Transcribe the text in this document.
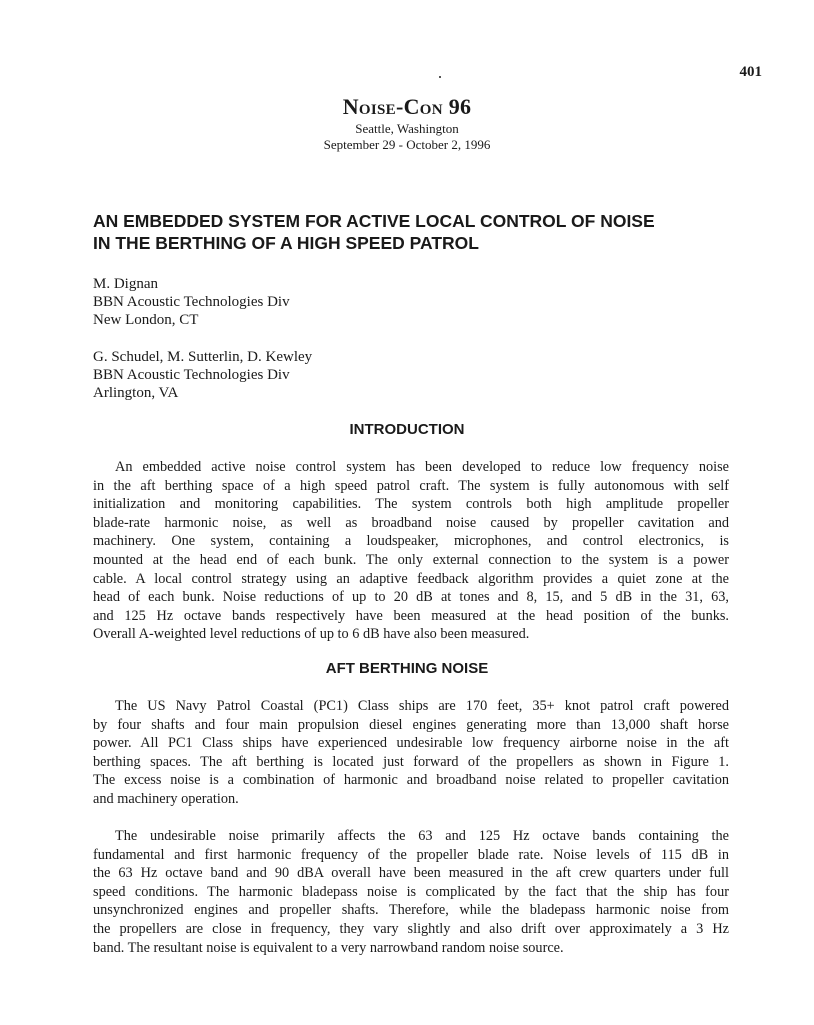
401
Noise-Con 96
Seattle, Washington
September 29 - October 2, 1996
AN EMBEDDED SYSTEM FOR ACTIVE LOCAL CONTROL OF NOISE
IN THE BERTHING OF A HIGH SPEED PATROL
M. Dignan
BBN Acoustic Technologies Div
New London, CT
G. Schudel, M. Sutterlin, D. Kewley
BBN Acoustic Technologies Div
Arlington, VA
INTRODUCTION
An embedded active noise control system has been developed to reduce low frequency noise
in the aft berthing space of a high speed patrol craft. The system is fully autonomous with self
initialization and monitoring capabilities. The system controls both high amplitude propeller
blade-rate harmonic noise, as well as broadband noise caused by propeller cavitation and
machinery. One system, containing a loudspeaker, microphones, and control electronics, is
mounted at the head end of each bunk. The only external connection to the system is a power
cable. A local control strategy using an adaptive feedback algorithm provides a quiet zone at the
head of each bunk. Noise reductions of up to 20 dB at tones and 8, 15, and 5 dB in the 31, 63,
and 125 Hz octave bands respectively have been measured at the head position of the bunks.
Overall A-weighted level reductions of up to 6 dB have also been measured.
AFT BERTHING NOISE
The US Navy Patrol Coastal (PC1) Class ships are 170 feet, 35+ knot patrol craft powered
by four shafts and four main propulsion diesel engines generating more than 13,000 shaft horse
power. All PC1 Class ships have experienced undesirable low frequency airborne noise in the aft
berthing spaces. The aft berthing is located just forward of the propellers as shown in Figure 1.
The excess noise is a combination of harmonic and broadband noise related to propeller cavitation
and machinery operation.
The undesirable noise primarily affects the 63 and 125 Hz octave bands containing the
fundamental and first harmonic frequency of the propeller blade rate. Noise levels of 115 dB in
the 63 Hz octave band and 90 dBA overall have been measured in the aft crew quarters under full
speed conditions. The harmonic bladepass noise is complicated by the fact that the ship has four
unsynchronized engines and propeller shafts. Therefore, while the bladepass harmonic noise from
the propellers are close in frequency, they vary slightly and also drift over approximately a 3 Hz
band. The resultant noise is equivalent to a very narrowband random noise source.
